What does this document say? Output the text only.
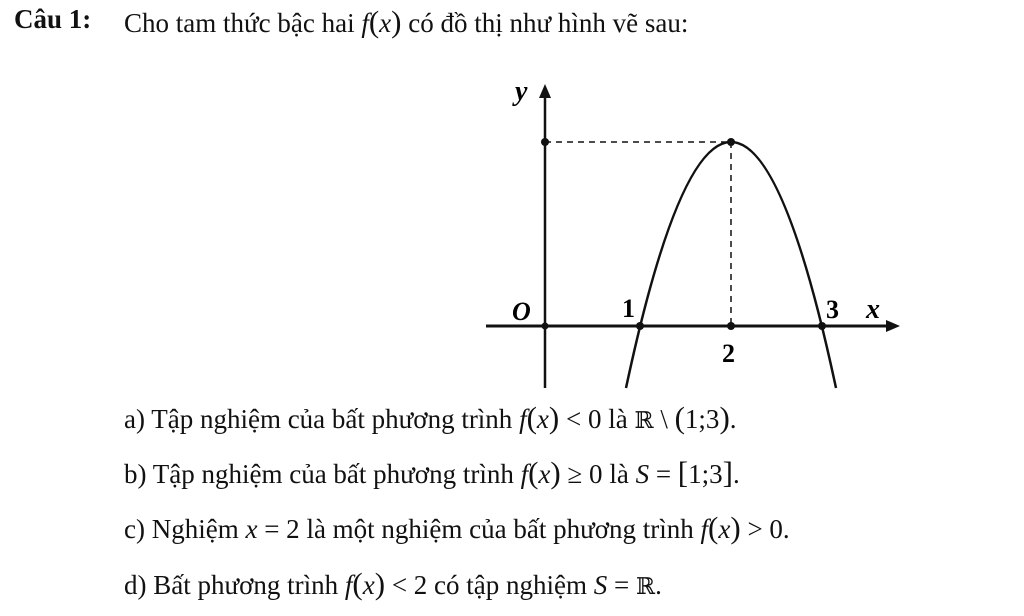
Câu 1: Cho tam thức bậc hai f(x) có đồ thị như hình vẽ sau:
y
x
O	1
2
3
a) Tập nghiệm của bất phương trình f(x) < 0 là ℝ \ (1;3).
b) Tập nghiệm của bất phương trình f(x) ≥ 0 là S = [1;3].
c) Nghiệm x = 2 là một nghiệm của bất phương trình f(x) > 0.
d) Bất phương trình f(x) < 2 có tập nghiệm S = ℝ.
